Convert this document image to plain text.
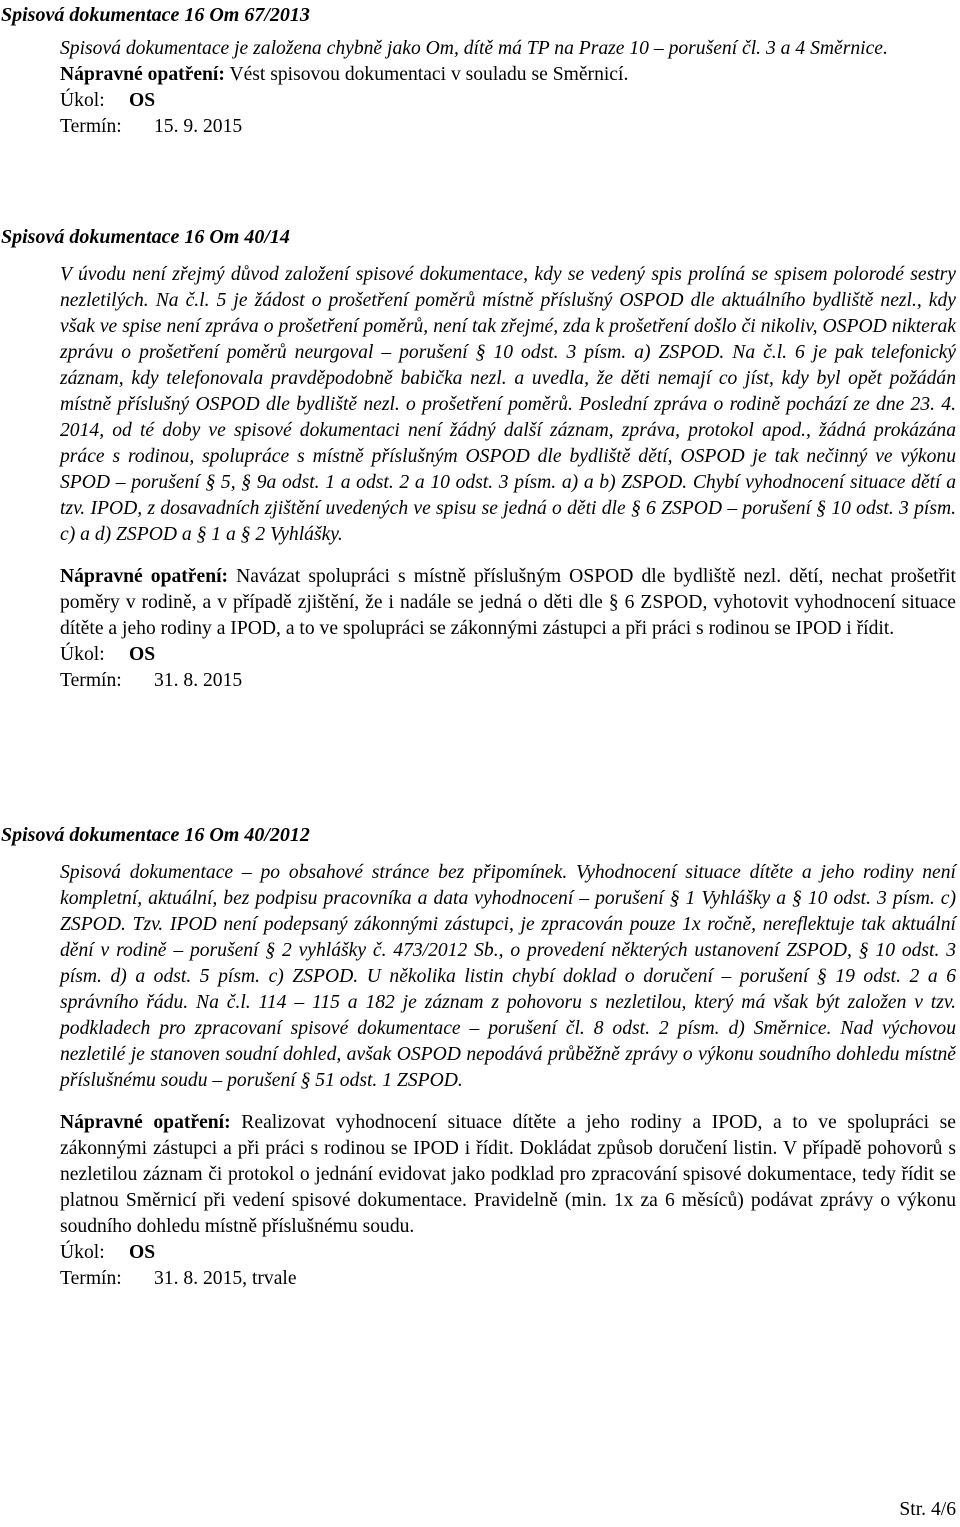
Spisová dokumentace 16 Om 67/2013

Spisová dokumentace je založena chybně jako Om, dítě má TP na Praze 10 – porušení čl. 3 a 4 Směrnice.

Nápravné opatření: Vést spisovou dokumentaci v souladu se Směrnicí.

Úkol: OS
Termín: 15. 9. 2015
Spisová dokumentace 16 Om 40/14

V úvodu není zřejmý důvod založení spisové dokumentace, kdy se vedený spis prolíná se spisem polorodé sestry nezletilých. Na č.l. 5 je žádost o prošetření poměrů místně příslušný OSPOD dle aktuálního bydliště nezl., kdy však ve spise není zpráva o prošetření poměrů, není tak zřejmé, zda k prošetření došlo či nikoliv, OSPOD nikterak zprávu o prošetření poměrů neurgoval – porušení § 10 odst. 3 písm. a) ZSPOD. Na č.l. 6 je pak telefonický záznam, kdy telefonovala pravděpodobně babička nezl. a uvedla, že děti nemají co jíst, kdy byl opět požádán místně příslušný OSPOD dle bydliště nezl. o prošetření poměrů. Poslední zpráva o rodině pochází ze dne 23. 4. 2014, od té doby ve spisové dokumentaci není žádný další záznam, zpráva, protokol apod., žádná prokázána práce s rodinou, spolupráce s místně příslušným OSPOD dle bydliště dětí, OSPOD je tak nečinný ve výkonu SPOD – porušení § 5, § 9a odst. 1 a odst. 2 a 10 odst. 3 písm. a) a b) ZSPOD. Chybí vyhodnocení situace dětí a tzv. IPOD, z dosavadních zjištění uvedených ve spisu se jedná o děti dle § 6 ZSPOD – porušení § 10 odst. 3 písm. c) a d) ZSPOD a § 1 a § 2 Vyhlášky.

Nápravné opatření: Navázat spolupráci s místně příslušným OSPOD dle bydliště nezl. dětí, nechat prošetřit poměry v rodině, a v případě zjištění, že i nadále se jedná o děti dle § 6 ZSPOD, vyhotovit vyhodnocení situace dítěte a jeho rodiny a IPOD, a to ve spolupráci se zákonnými zástupci a při práci s rodinou se IPOD i řídit.

Úkol: OS
Termín: 31. 8. 2015
Spisová dokumentace 16 Om 40/2012

Spisová dokumentace – po obsahové stránce bez připomínek. Vyhodnocení situace dítěte a jeho rodiny není kompletní, aktuální, bez podpisu pracovníka a data vyhodnocení – porušení § 1 Vyhlášky a § 10 odst. 3 písm. c) ZSPOD. Tzv. IPOD není podepsaný zákonnými zástupci, je zpracován pouze 1x ročně, nereflektuje tak aktuální dění v rodině – porušení § 2 vyhlášky č. 473/2012 Sb., o provedení některých ustanovení ZSPOD, § 10 odst. 3 písm. d) a odst. 5 písm. c) ZSPOD. U několika listin chybí doklad o doručení – porušení § 19 odst. 2 a 6 správního řádu. Na č.l. 114 – 115 a 182 je záznam z pohovoru s nezletilou, který má však být založen v tzv. podkladech pro zpracovaní spisové dokumentace – porušení čl. 8 odst. 2 písm. d) Směrnice. Nad výchovou nezletilé je stanoven soudní dohled, avšak OSPOD nepodává průběžně zprávy o výkonu soudního dohledu místně příslušnému soudu – porušení § 51 odst. 1 ZSPOD.

Nápravné opatření: Realizovat vyhodnocení situace dítěte a jeho rodiny a IPOD, a to ve spolupráci se zákonnými zástupci a při práci s rodinou se IPOD i řídit. Dokládat způsob doručení listin. V případě pohovorů s nezletilou záznam či protokol o jednání evidovat jako podklad pro zpracování spisové dokumentace, tedy řídit se platnou Směrnicí při vedení spisové dokumentace. Pravidelně (min. 1x za 6 měsíců) podávat zprávy o výkonu soudního dohledu místně příslušnému soudu.

Úkol: OS
Termín: 31. 8. 2015, trvale
Str. 4/6
